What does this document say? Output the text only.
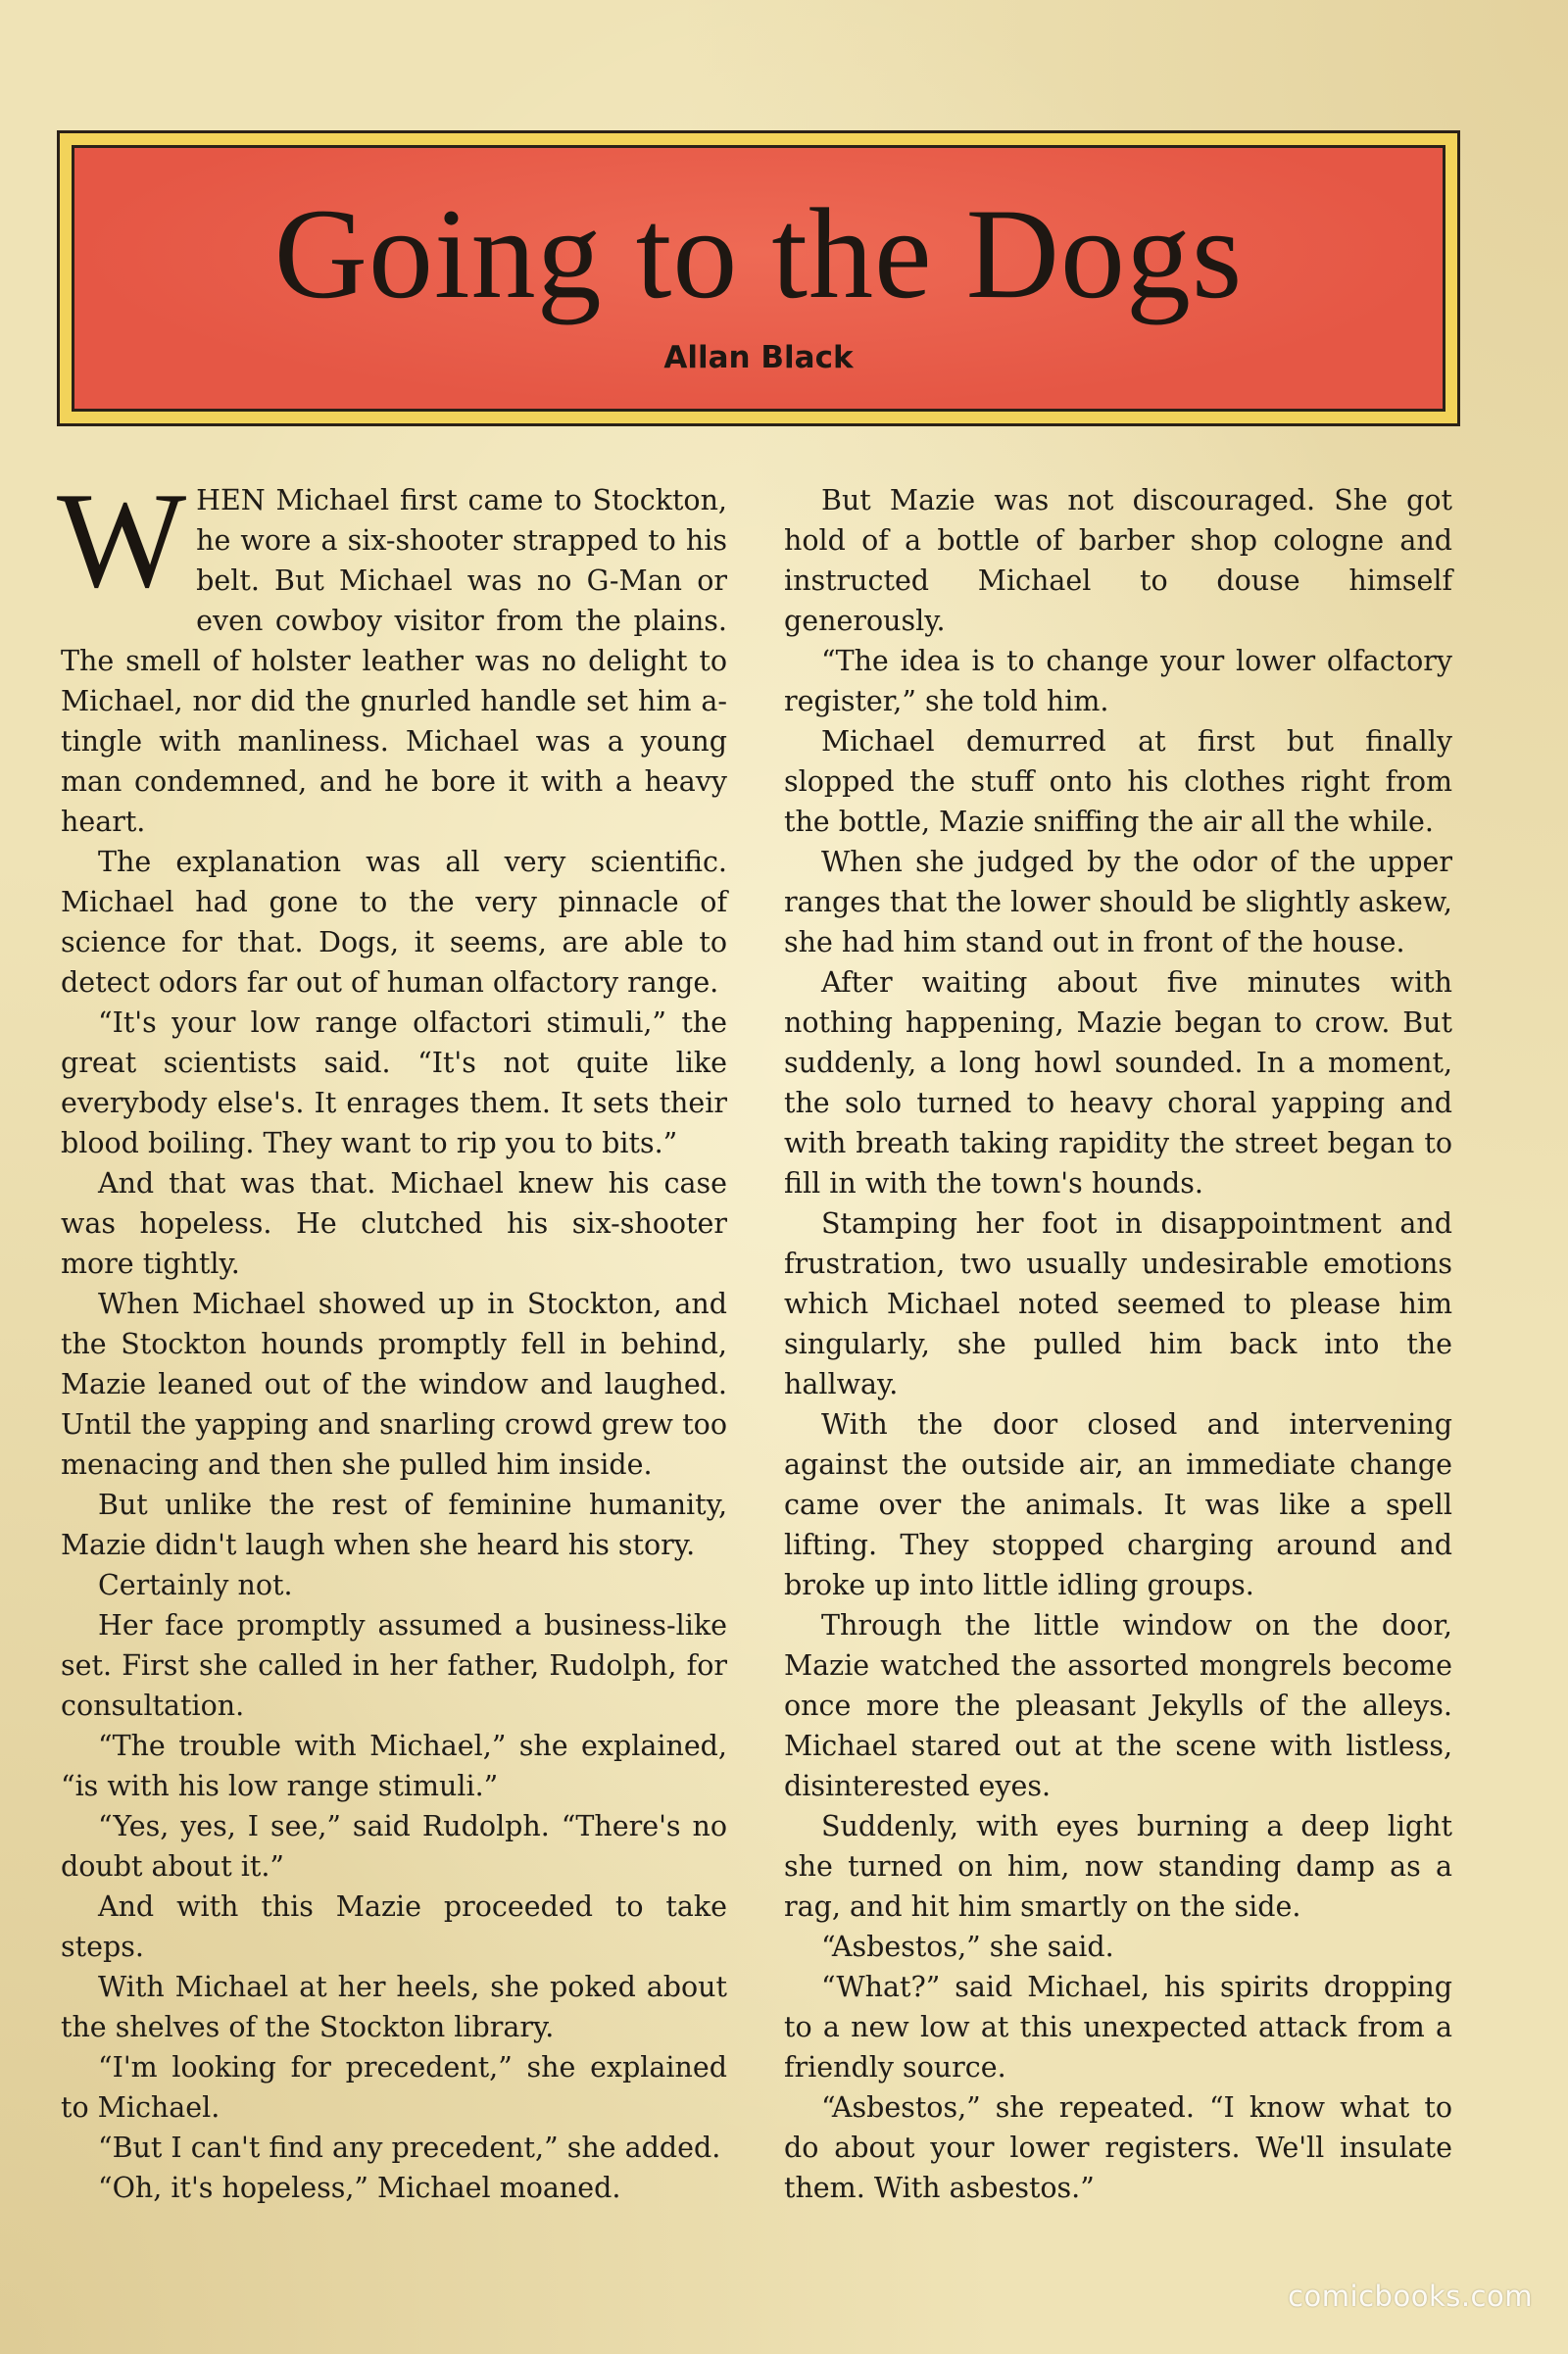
Going to the Dogs
Allan Black

WHEN Michael first came to Stockton, he wore a six-shooter strapped to his belt. But Michael was no G-Man or even cowboy visitor from the plains. The smell of holster leather was no delight to Michael, nor did the gnurled handle set him a-tingle with manliness. Michael was a young man condemned, and he bore it with a heavy heart.

The explanation was all very scientific. Michael had gone to the very pinnacle of science for that. Dogs, it seems, are able to detect odors far out of human olfactory range.

“It's your low range olfactori stimuli,” the great scientists said. “It's not quite like everybody else's. It enrages them. It sets their blood boiling. They want to rip you to bits.”

And that was that. Michael knew his case was hopeless. He clutched his six-shooter more tightly.

When Michael showed up in Stockton, and the Stockton hounds promptly fell in behind, Mazie leaned out of the window and laughed. Until the yapping and snarling crowd grew too menacing and then she pulled him inside.

But unlike the rest of feminine humanity, Mazie didn't laugh when she heard his story.

Certainly not.

Her face promptly assumed a business-like set. First she called in her father, Rudolph, for consultation.

“The trouble with Michael,” she explained, “is with his low range stimuli.”

“Yes, yes, I see,” said Rudolph. “There's no doubt about it.”

And with this Mazie proceeded to take steps.

With Michael at her heels, she poked about the shelves of the Stockton library.

“I'm looking for precedent,” she explained to Michael.

“But I can't find any precedent,” she added.

“Oh, it's hopeless,” Michael moaned.

But Mazie was not discouraged. She got hold of a bottle of barber shop cologne and instructed Michael to douse himself generously.

“The idea is to change your lower olfactory register,” she told him.

Michael demurred at first but finally slopped the stuff onto his clothes right from the bottle, Mazie sniffing the air all the while.

When she judged by the odor of the upper ranges that the lower should be slightly askew, she had him stand out in front of the house.

After waiting about five minutes with nothing happening, Mazie began to crow. But suddenly, a long howl sounded. In a moment, the solo turned to heavy choral yapping and with breath taking rapidity the street began to fill in with the town's hounds.

Stamping her foot in disappointment and frustration, two usually undesirable emotions which Michael noted seemed to please him singularly, she pulled him back into the hallway.

With the door closed and intervening against the outside air, an immediate change came over the animals. It was like a spell lifting. They stopped charging around and broke up into little idling groups.

Through the little window on the door, Mazie watched the assorted mongrels become once more the pleasant Jekylls of the alleys. Michael stared out at the scene with listless, disinterested eyes.

Suddenly, with eyes burning a deep light she turned on him, now standing damp as a rag, and hit him smartly on the side.

“Asbestos,” she said.

“What?” said Michael, his spirits dropping to a new low at this unexpected attack from a friendly source.

“Asbestos,” she repeated. “I know what to do about your lower registers. We'll insulate them. With asbestos.”

comicbooks.com
